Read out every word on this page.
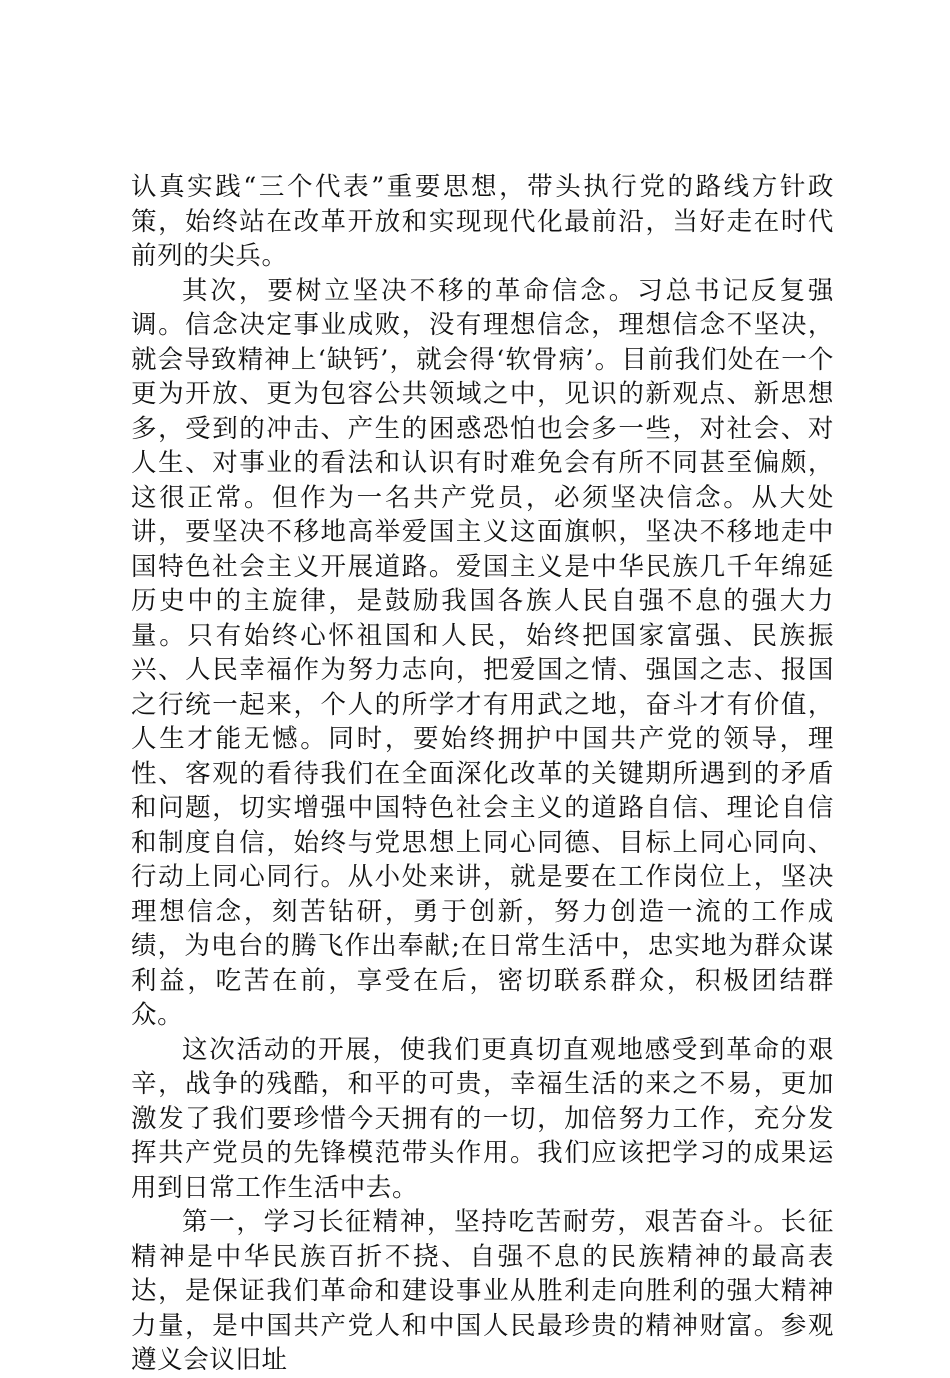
认真实践“三个代表”重要思想，带头执行党的路线方针政策，始终站在改革开放和实现现代化最前沿，当好走在时代前列的尖兵。

其次，要树立坚决不移的革命信念。习总书记反复强调。信念决定事业成败，没有理想信念，理想信念不坚决，就会导致精神上‘缺钙’，就会得‘软骨病’。目前我们处在一个更为开放、更为包容公共领域之中，见识的新观点、新思想多，受到的冲击、产生的困惑恐怕也会多一些，对社会、对人生、对事业的看法和认识有时难免会有所不同甚至偏颇，这很正常。但作为一名共产党员，必须坚决信念。从大处讲，要坚决不移地高举爱国主义这面旗帜，坚决不移地走中国特色社会主义开展道路。爱国主义是中华民族几千年绵延历史中的主旋律，是鼓励我国各族人民自强不息的强大力量。只有始终心怀祖国和人民，始终把国家富强、民族振兴、人民幸福作为努力志向，把爱国之情、强国之志、报国之行统一起来，个人的所学才有用武之地，奋斗才有价值，人生才能无憾。同时，要始终拥护中国共产党的领导，理性、客观的看待我们在全面深化改革的关键期所遇到的矛盾和问题，切实增强中国特色社会主义的道路自信、理论自信和制度自信，始终与党思想上同心同德、目标上同心同向、行动上同心同行。从小处来讲，就是要在工作岗位上，坚决理想信念，刻苦钻研，勇于创新，努力创造一流的工作成绩，为电台的腾飞作出奉献;在日常生活中，忠实地为群众谋利益，吃苦在前，享受在后，密切联系群众，积极团结群众。

这次活动的开展，使我们更真切直观地感受到革命的艰辛，战争的残酷，和平的可贵，幸福生活的来之不易，更加激发了我们要珍惜今天拥有的一切，加倍努力工作，充分发挥共产党员的先锋模范带头作用。我们应该把学习的成果运用到日常工作生活中去。

第一，学习长征精神，坚持吃苦耐劳，艰苦奋斗。长征精神是中华民族百折不挠、自强不息的民族精神的最高表达，是保证我们革命和建设事业从胜利走向胜利的强大精神力量，是中国共产党人和中国人民最珍贵的精神财富。参观遵义会议旧址
